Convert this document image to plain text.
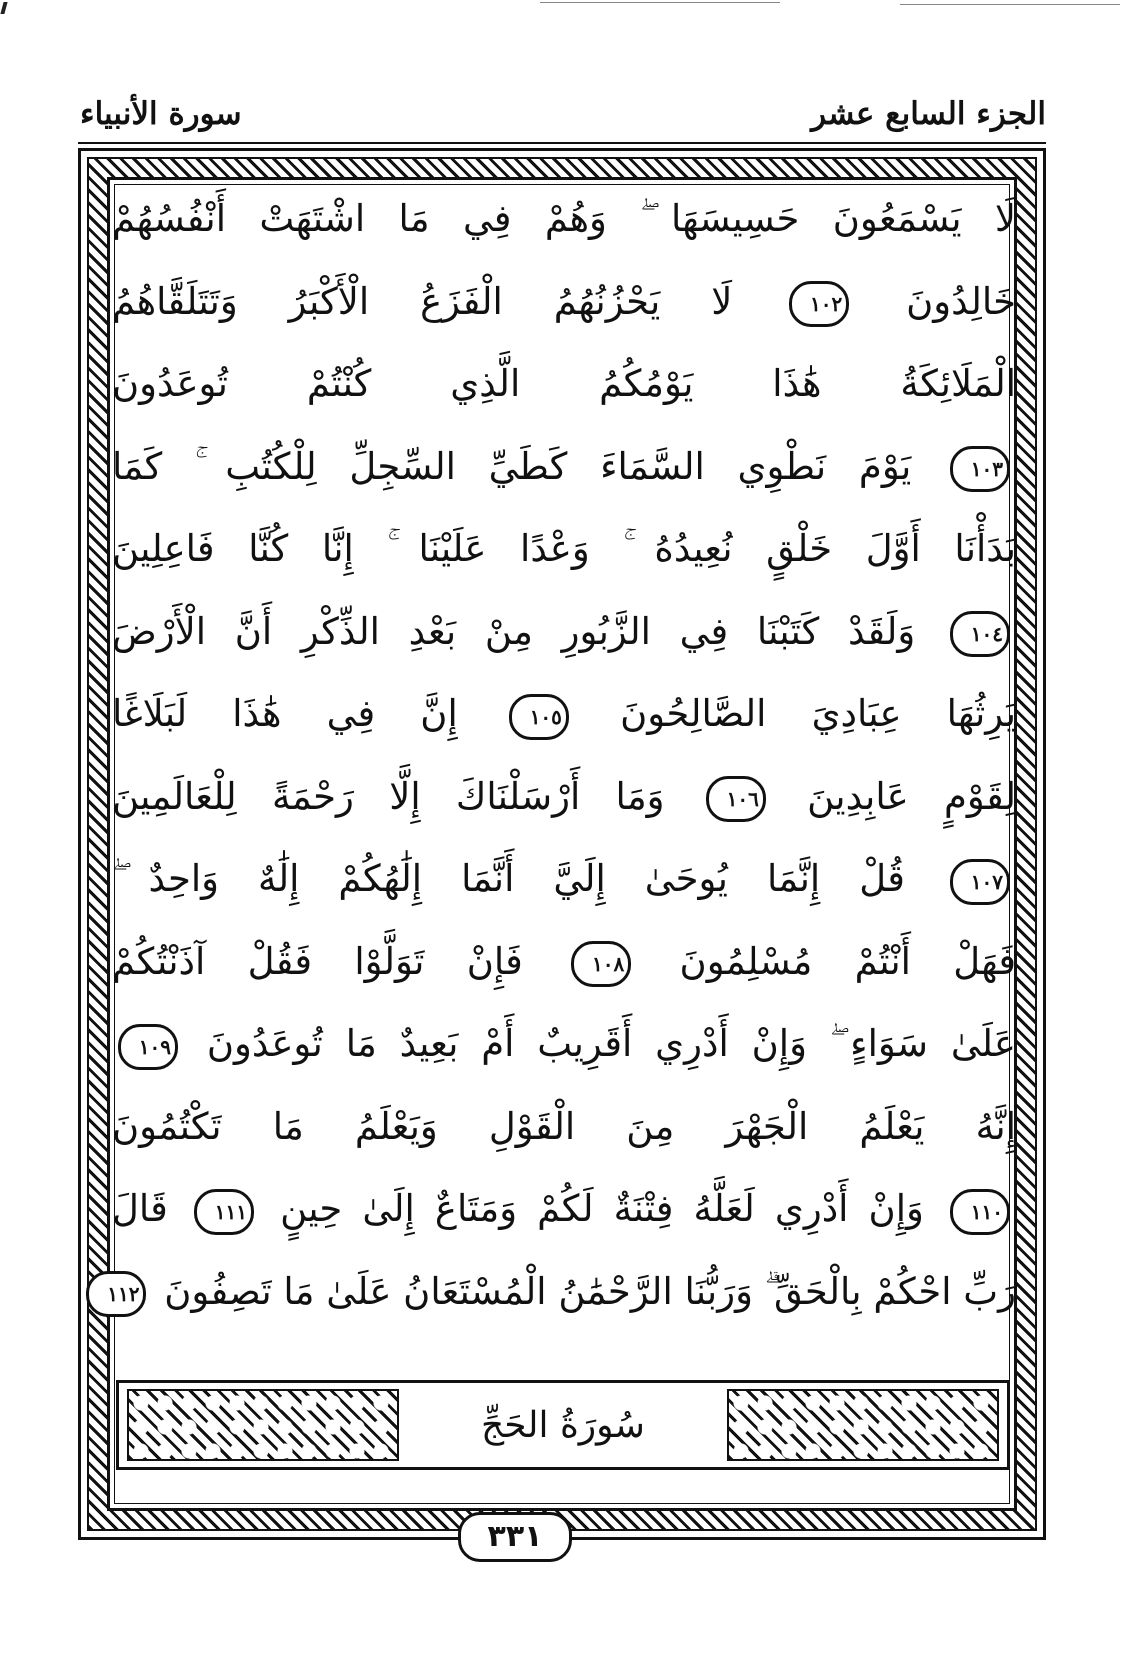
الجزء السابع عشر
سورة الأنبياء
لَا يَسْمَعُونَ حَسِيسَهَا ۖ وَهُمْ فِي مَا اشْتَهَتْ أَنْفُسُهُمْ
خَالِدُونَ ١٠٢ لَا يَحْزُنُهُمُ الْفَزَعُ الْأَكْبَرُ وَتَتَلَقَّاهُمُ
الْمَلَائِكَةُ هَٰذَا يَوْمُكُمُ الَّذِي كُنْتُمْ تُوعَدُونَ
١٠٣ يَوْمَ نَطْوِي السَّمَاءَ كَطَيِّ السِّجِلِّ لِلْكُتُبِ ۚ كَمَا
بَدَأْنَا أَوَّلَ خَلْقٍ نُعِيدُهُ ۚ وَعْدًا عَلَيْنَا ۚ إِنَّا كُنَّا فَاعِلِينَ
١٠٤ وَلَقَدْ كَتَبْنَا فِي الزَّبُورِ مِنْ بَعْدِ الذِّكْرِ أَنَّ الْأَرْضَ
يَرِثُهَا عِبَادِيَ الصَّالِحُونَ ١٠٥ إِنَّ فِي هَٰذَا لَبَلَاغًا
لِقَوْمٍ عَابِدِينَ ١٠٦ وَمَا أَرْسَلْنَاكَ إِلَّا رَحْمَةً لِلْعَالَمِينَ
١٠٧ قُلْ إِنَّمَا يُوحَىٰ إِلَيَّ أَنَّمَا إِلَٰهُكُمْ إِلَٰهٌ وَاحِدٌ ۖ
فَهَلْ أَنْتُمْ مُسْلِمُونَ ١٠٨ فَإِنْ تَوَلَّوْا فَقُلْ آذَنْتُكُمْ
عَلَىٰ سَوَاءٍ ۖ وَإِنْ أَدْرِي أَقَرِيبٌ أَمْ بَعِيدٌ مَا تُوعَدُونَ ١٠٩
إِنَّهُ يَعْلَمُ الْجَهْرَ مِنَ الْقَوْلِ وَيَعْلَمُ مَا تَكْتُمُونَ
١١٠ وَإِنْ أَدْرِي لَعَلَّهُ فِتْنَةٌ لَكُمْ وَمَتَاعٌ إِلَىٰ حِينٍ ١١١ قَالَ
رَبِّ احْكُمْ بِالْحَقِّ ۗ وَرَبُّنَا الرَّحْمَٰنُ الْمُسْتَعَانُ عَلَىٰ مَا تَصِفُونَ ١١٢
سُورَةُ الحَجِّ
٣٣١
